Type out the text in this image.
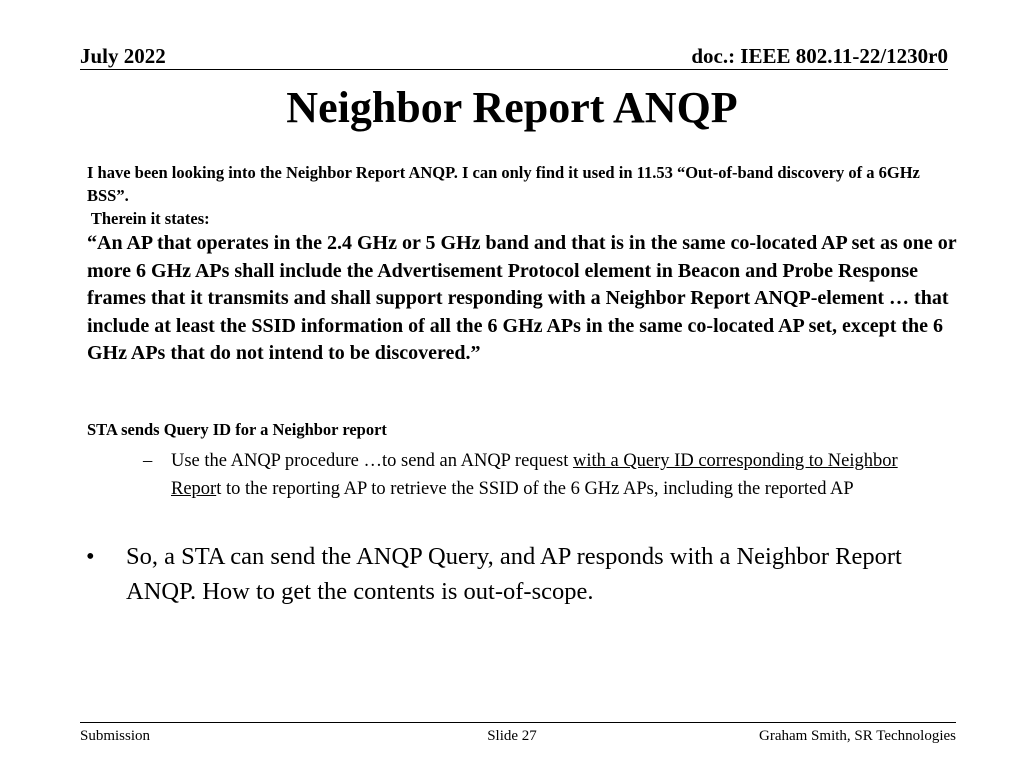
July 2022	doc.: IEEE 802.11-22/1230r0
Neighbor Report ANQP

I have been looking into the Neighbor Report ANQP. I can only find it used in 11.53 “Out-of-band discovery of a 6GHz BSS”.

Therein it states:

“An AP that operates in the 2.4 GHz or 5 GHz band and that is in the same co-located AP set as one or more 6 GHz APs shall include the Advertisement Protocol element in Beacon and Probe Response frames that it transmits and shall support responding with a Neighbor Report ANQP-element … that include at least the SSID information of all the 6 GHz APs in the same co-located AP set, except the 6 GHz APs that do not intend to be discovered.”

STA sends Query ID for a Neighbor report
– Use the ANQP procedure …to send an ANQP request with a Query ID corresponding to Neighbor Report to the reporting AP to retrieve the SSID of the 6 GHz APs, including the reported AP
• So, a STA can send the ANQP Query, and AP responds with a Neighbor Report ANQP. How to get the contents is out-of-scope.
Submission	Slide 27	Graham Smith, SR Technologies
